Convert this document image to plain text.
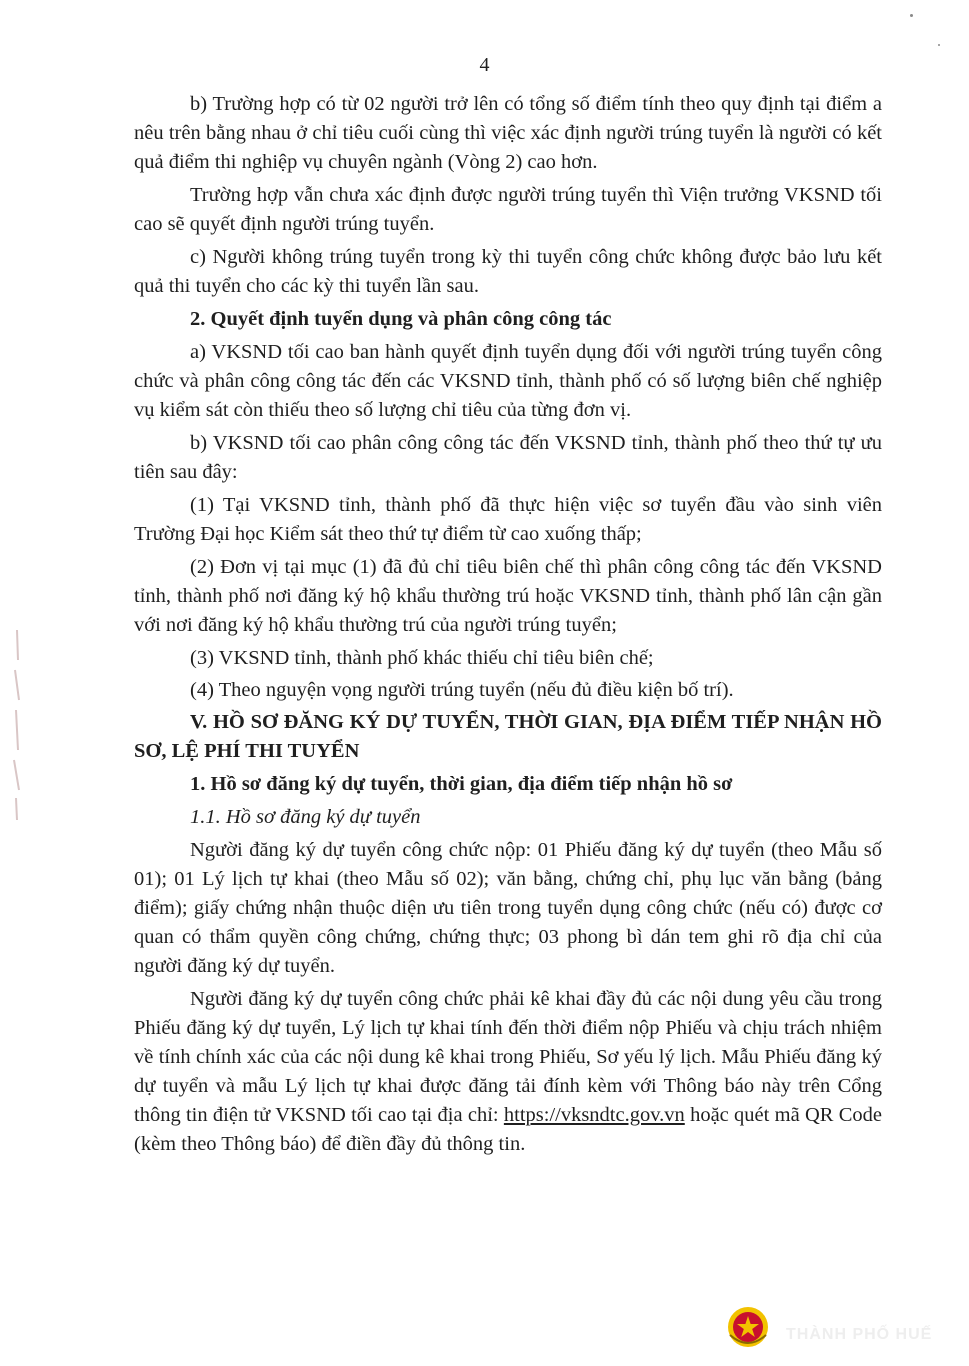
4

b) Trường hợp có từ 02 người trở lên có tổng số điểm tính theo quy định tại điểm a nêu trên bằng nhau ở chỉ tiêu cuối cùng thì việc xác định người trúng tuyển là người có kết quả điểm thi nghiệp vụ chuyên ngành (Vòng 2) cao hơn.

Trường hợp vẫn chưa xác định được người trúng tuyển thì Viện trưởng VKSND tối cao sẽ quyết định người trúng tuyển.

c) Người không trúng tuyển trong kỳ thi tuyển công chức không được bảo lưu kết quả thi tuyển cho các kỳ thi tuyển lần sau.

2. Quyết định tuyển dụng và phân công công tác

a) VKSND tối cao ban hành quyết định tuyển dụng đối với người trúng tuyển công chức và phân công công tác đến các VKSND tỉnh, thành phố có số lượng biên chế nghiệp vụ kiểm sát còn thiếu theo số lượng chỉ tiêu của từng đơn vị.

b) VKSND tối cao phân công công tác đến VKSND tỉnh, thành phố theo thứ tự ưu tiên sau đây:

(1) Tại VKSND tỉnh, thành phố đã thực hiện việc sơ tuyển đầu vào sinh viên Trường Đại học Kiểm sát theo thứ tự điểm từ cao xuống thấp;

(2) Đơn vị tại mục (1) đã đủ chỉ tiêu biên chế thì phân công công tác đến VKSND tỉnh, thành phố nơi đăng ký hộ khẩu thường trú hoặc VKSND tỉnh, thành phố lân cận gần với nơi đăng ký hộ khẩu thường trú của người trúng tuyển;

(3) VKSND tỉnh, thành phố khác thiếu chỉ tiêu biên chế;

(4) Theo nguyện vọng người trúng tuyển (nếu đủ điều kiện bố trí).

V. HỒ SƠ ĐĂNG KÝ DỰ TUYỂN, THỜI GIAN, ĐỊA ĐIỂM TIẾP NHẬN HỒ SƠ, LỆ PHÍ THI TUYỂN

1. Hồ sơ đăng ký dự tuyển, thời gian, địa điểm tiếp nhận hồ sơ

1.1. Hồ sơ đăng ký dự tuyển

Người đăng ký dự tuyển công chức nộp: 01 Phiếu đăng ký dự tuyển (theo Mẫu số 01); 01 Lý lịch tự khai (theo Mẫu số 02); văn bằng, chứng chỉ, phụ lục văn bằng (bảng điểm); giấy chứng nhận thuộc diện ưu tiên trong tuyển dụng công chức (nếu có) được cơ quan có thẩm quyền công chứng, chứng thực; 03 phong bì dán tem ghi rõ địa chỉ của người đăng ký dự tuyển.

Người đăng ký dự tuyển công chức phải kê khai đầy đủ các nội dung yêu cầu trong Phiếu đăng ký dự tuyển, Lý lịch tự khai tính đến thời điểm nộp Phiếu và chịu trách nhiệm về tính chính xác của các nội dung kê khai trong Phiếu, Sơ yếu lý lịch. Mẫu Phiếu đăng ký dự tuyển và mẫu Lý lịch tự khai được đăng tải đính kèm với Thông báo này trên Cổng thông tin điện tử VKSND tối cao tại địa chỉ: https://vksndtc.gov.vn hoặc quét mã QR Code (kèm theo Thông báo) để điền đầy đủ thông tin.

THÀNH PHỐ HUẾ
